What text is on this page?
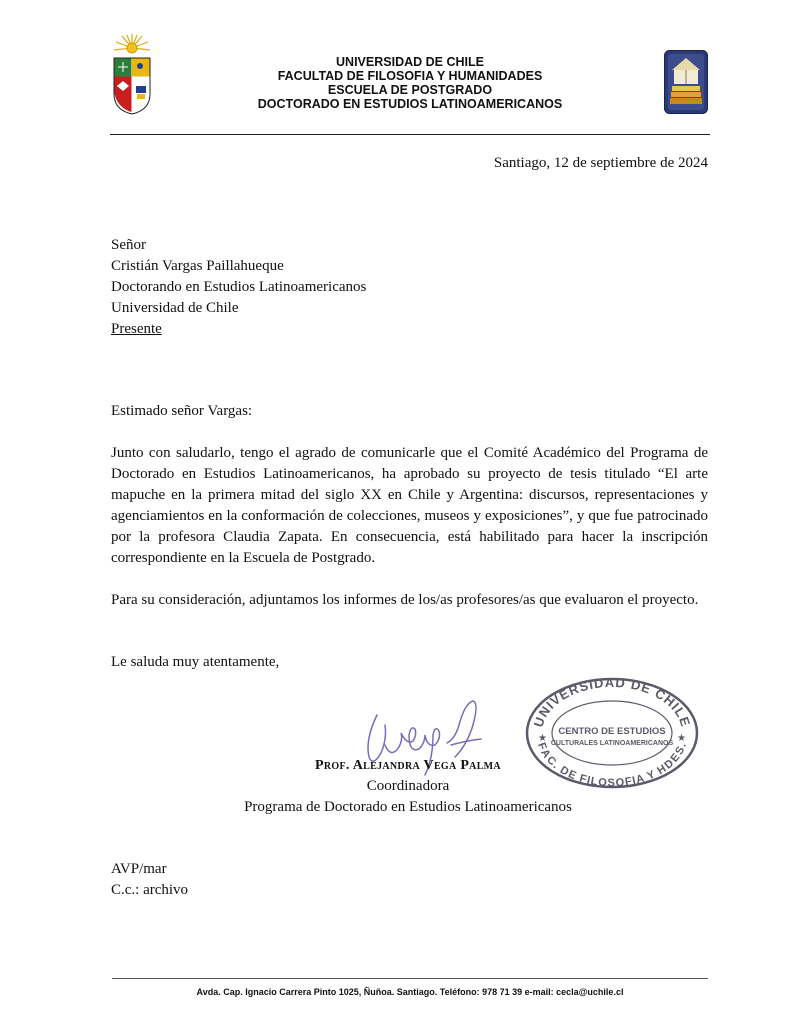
UNIVERSIDAD DE CHILE
FACULTAD DE FILOSOFIA Y HUMANIDADES
ESCUELA DE POSTGRADO
DOCTORADO EN ESTUDIOS LATINOAMERICANOS
Santiago, 12 de septiembre de 2024
Señor
Cristián Vargas Paillahueque
Doctorando en Estudios Latinoamericanos
Universidad de Chile
Presente
Estimado señor Vargas:
Junto con saludarlo, tengo el agrado de comunicarle que el Comité Académico del Programa de Doctorado en Estudios Latinoamericanos, ha aprobado su proyecto de tesis titulado “El arte mapuche en la primera mitad del siglo XX en Chile y Argentina: discursos, representaciones y agenciamientos en la conformación de colecciones, museos y exposiciones”, y que fue patrocinado por la profesora Claudia Zapata. En consecuencia, está habilitado para hacer la inscripción correspondiente en la Escuela de Postgrado.
Para su consideración, adjuntamos los informes de los/as profesores/as que evaluaron el proyecto.
Le saluda muy atentamente,
UNIVERSIDAD DE CHILE
FAC. DE FILOSOFIA Y HDES.
CENTRO DE ESTUDIOS
CULTURALES LATINOAMERICANOS
★	★
Prof. Alejandra Vega Palma
Coordinadora
Programa de Doctorado en Estudios Latinoamericanos
AVP/mar
C.c.: archivo
Avda. Cap. Ignacio Carrera Pinto 1025, Ñuñoa. Santiago. Teléfono: 978 71 39 e-mail: cecla@uchile.cl
